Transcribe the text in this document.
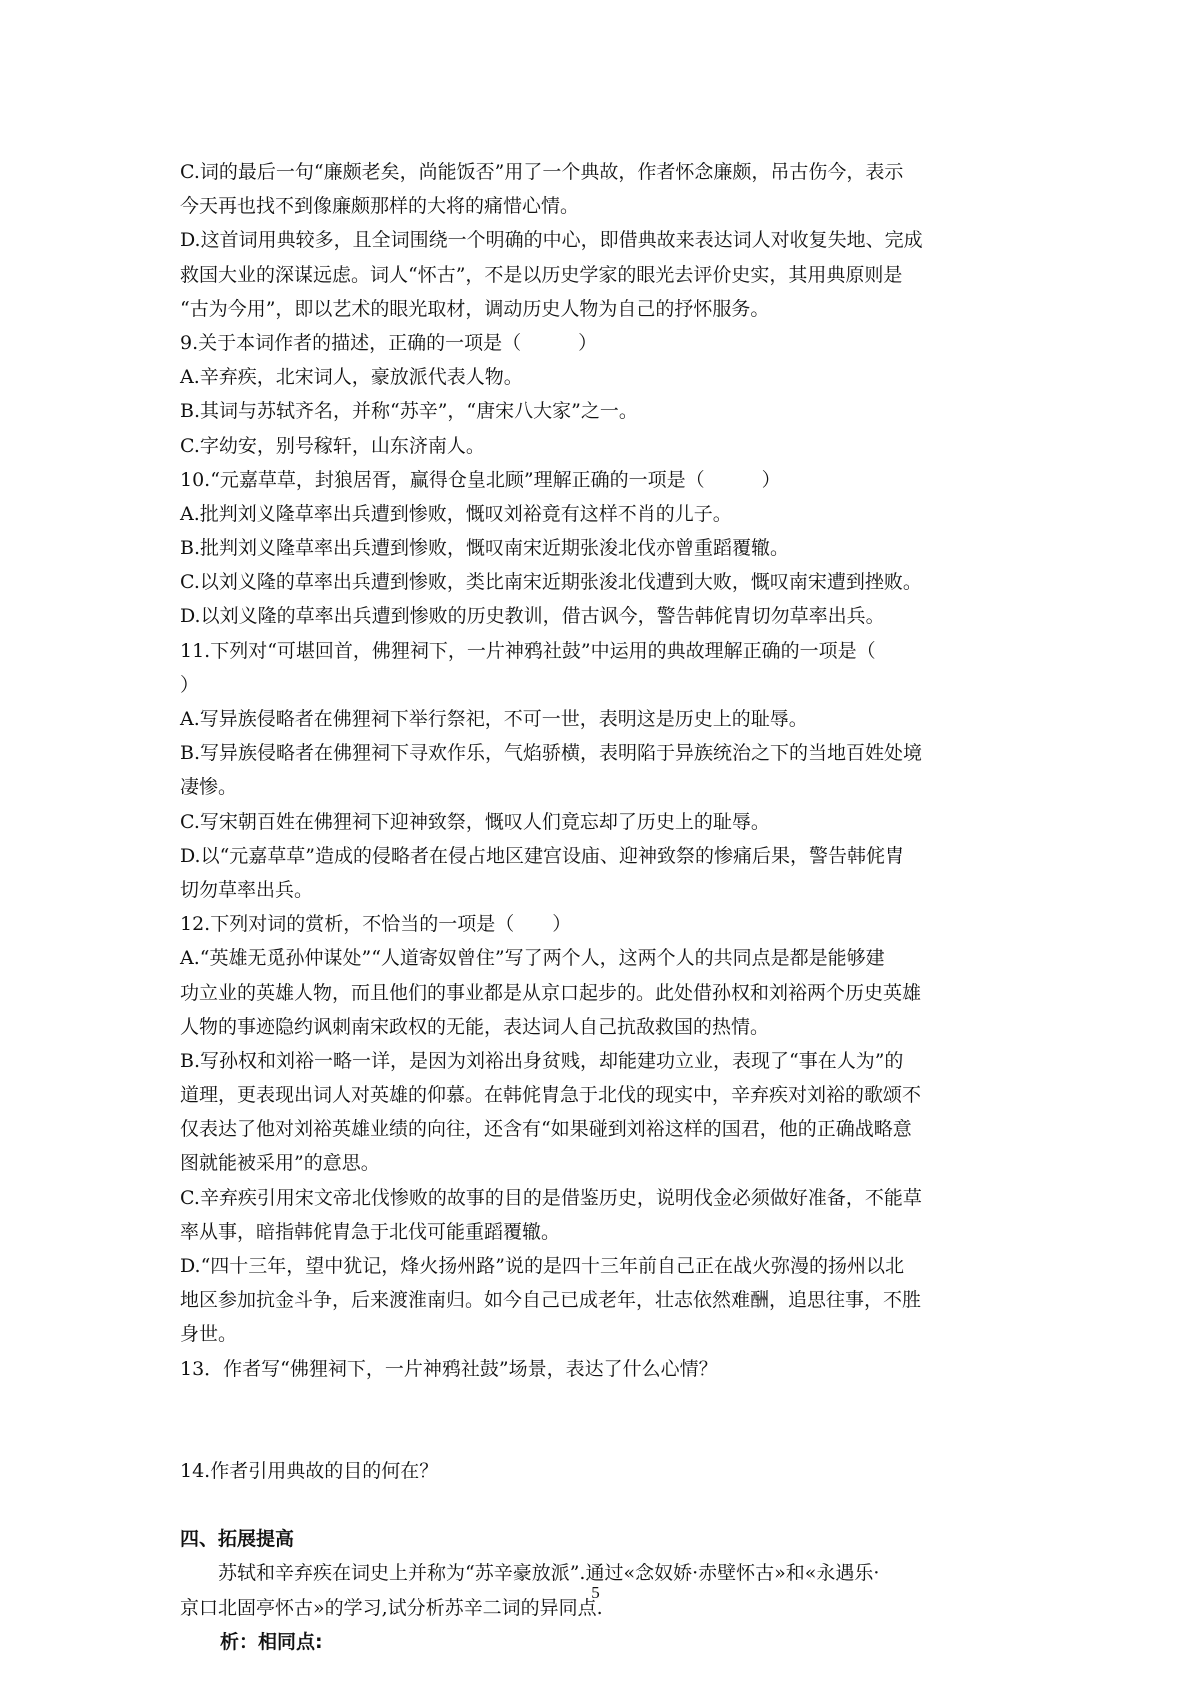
C.词的最后一句“廉颇老矣，尚能饭否”用了一个典故，作者怀念廉颇，吊古伤今，表示
今天再也找不到像廉颇那样的大将的痛惜心情。
D.这首词用典较多，且全词围绕一个明确的中心，即借典故来表达词人对收复失地、完成
救国大业的深谋远虑。词人“怀古”，不是以历史学家的眼光去评价史实，其用典原则是
“古为今用”，即以艺术的眼光取材，调动历史人物为自己的抒怀服务。
9.关于本词作者的描述，正确的一项是（　　　）
A.辛弃疾，北宋词人，豪放派代表人物。
B.其词与苏轼齐名，并称“苏辛”，“唐宋八大家”之一。
C.字幼安，别号稼轩，山东济南人。
10.“元嘉草草，封狼居胥，赢得仓皇北顾”理解正确的一项是（　　　）
A.批判刘义隆草率出兵遭到惨败，慨叹刘裕竟有这样不肖的儿子。
B.批判刘义隆草率出兵遭到惨败，慨叹南宋近期张浚北伐亦曾重蹈覆辙。
C.以刘义隆的草率出兵遭到惨败，类比南宋近期张浚北伐遭到大败，慨叹南宋遭到挫败。
D.以刘义隆的草率出兵遭到惨败的历史教训，借古讽今，警告韩侂胄切勿草率出兵。
11.下列对“可堪回首，佛狸祠下，一片神鸦社鼓”中运用的典故理解正确的一项是（
）
A.写异族侵略者在佛狸祠下举行祭祀，不可一世，表明这是历史上的耻辱。
B.写异族侵略者在佛狸祠下寻欢作乐，气焰骄横，表明陷于异族统治之下的当地百姓处境
凄惨。
C.写宋朝百姓在佛狸祠下迎神致祭，慨叹人们竟忘却了历史上的耻辱。
D.以“元嘉草草”造成的侵略者在侵占地区建宫设庙、迎神致祭的惨痛后果，警告韩侂胄
切勿草率出兵。
12.下列对词的赏析，不恰当的一项是（　　）
A.“英雄无觅孙仲谋处”“人道寄奴曾住”写了两个人，这两个人的共同点是都是能够建
功立业的英雄人物，而且他们的事业都是从京口起步的。此处借孙权和刘裕两个历史英雄
人物的事迹隐约讽刺南宋政权的无能，表达词人自己抗敌救国的热情。
B.写孙权和刘裕一略一详，是因为刘裕出身贫贱，却能建功立业，表现了“事在人为”的
道理，更表现出词人对英雄的仰慕。在韩侂胄急于北伐的现实中，辛弃疾对刘裕的歌颂不
仅表达了他对刘裕英雄业绩的向往，还含有“如果碰到刘裕这样的国君，他的正确战略意
图就能被采用”的意思。
C.辛弃疾引用宋文帝北伐惨败的故事的目的是借鉴历史，说明伐金必须做好准备，不能草
率从事，暗指韩侂胄急于北伐可能重蹈覆辙。
D.“四十三年，望中犹记，烽火扬州路”说的是四十三年前自己正在战火弥漫的扬州以北
地区参加抗金斗争，后来渡淮南归。如今自己已成老年，壮志依然难酬，追思往事，不胜
身世。
13．作者写“佛狸祠下，一片神鸦社鼓”场景，表达了什么心情？
14.作者引用典故的目的何在？
四、拓展提高
苏轼和辛弃疾在词史上并称为“苏辛豪放派”.通过«念奴娇·赤壁怀古»和«永遇乐·
京口北固亭怀古»的学习,试分析苏辛二词的异同点.
析：相同点:
5
